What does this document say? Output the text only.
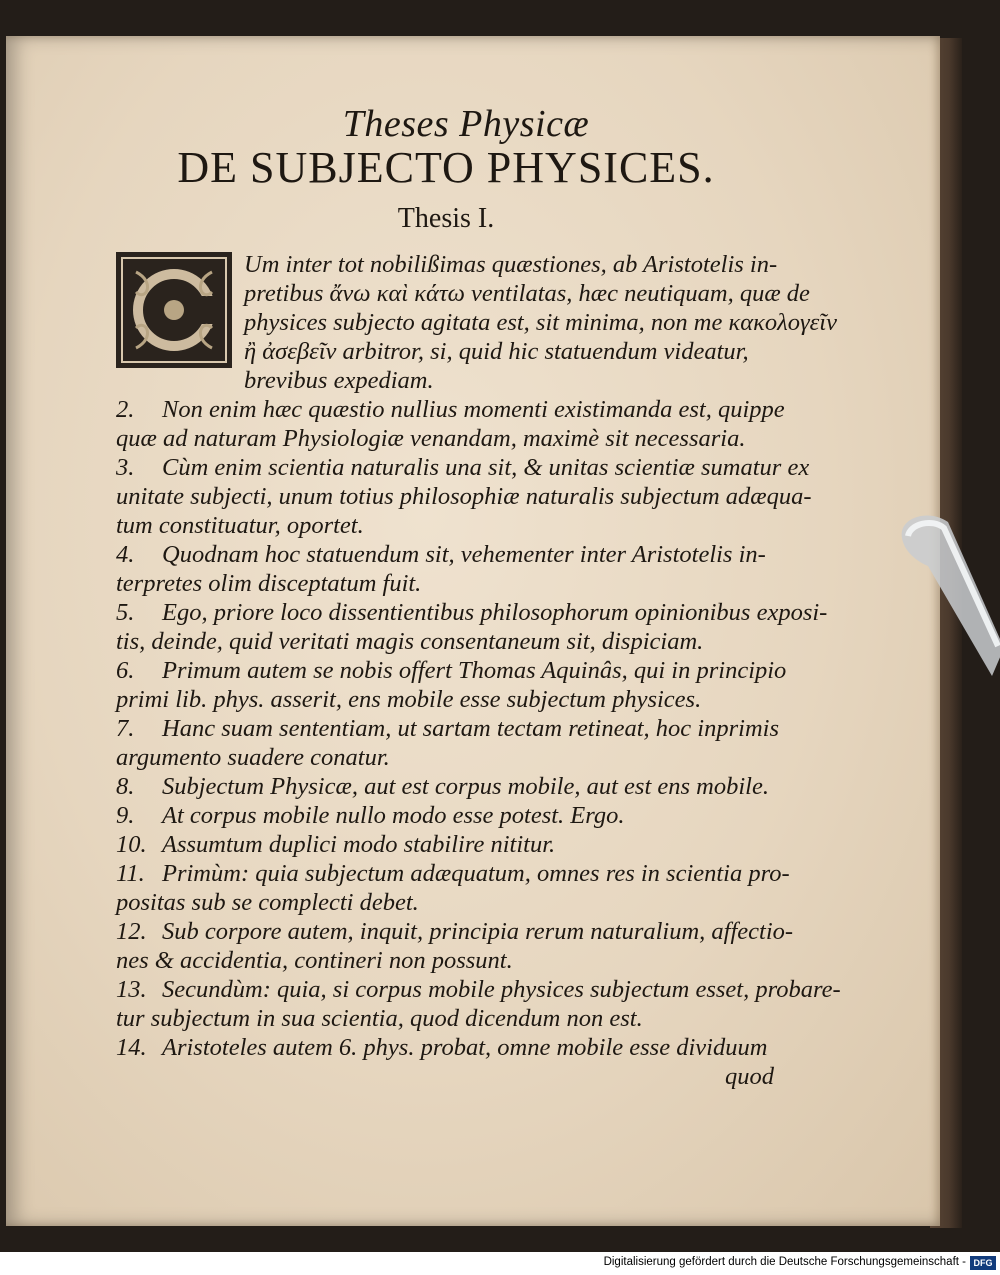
Theses Physicæ
DE SUBJECTO PHYSICES.
Thesis I.
Um inter tot nobilißimas quæstiones, ab Aristotelis in-
pretibus ἄνω καὶ κάτω ventilatas, hæc neutiquam, quæ de
physices subjecto agitata est, sit minima, non me κακολογεῖν
ἢ ἀσεβεῖν arbitror, si, quid hic statuendum videatur,
brevibus expediam.
2. Non enim hæc quæstio nullius momenti existimanda est, quippe
quæ ad naturam Physiologiæ venandam, maximè sit necessaria.
3. Cùm enim scientia naturalis una sit, & unitas scientiæ sumatur ex
unitate subjecti, unum totius philosophiæ naturalis subjectum adæqua-
tum constituatur, oportet.
4. Quodnam hoc statuendum sit, vehementer inter Aristotelis in-
terpretes olim disceptatum fuit.
5. Ego, priore loco dissentientibus philosophorum opinionibus exposi-
tis, deinde, quid veritati magis consentaneum sit, dispiciam.
6. Primum autem se nobis offert Thomas Aquinâs, qui in principio
primi lib. phys. asserit, ens mobile esse subjectum physices.
7. Hanc suam sententiam, ut sartam tectam retineat, hoc inprimis
argumento suadere conatur.
8. Subjectum Physicæ, aut est corpus mobile, aut est ens mobile.
9. At corpus mobile nullo modo esse potest. Ergo.
10. Assumtum duplici modo stabilire nititur.
11. Primùm: quia subjectum adæquatum, omnes res in scientia pro-
positas sub se complecti debet.
12. Sub corpore autem, inquit, principia rerum naturalium, affectio-
nes & accidentia, contineri non possunt.
13. Secundùm: quia, si corpus mobile physices subjectum esset, probare-
tur subjectum in sua scientia, quod dicendum non est.
14. Aristoteles autem 6. phys. probat, omne mobile esse dividuum
quod
Digitalisierung gefördert durch die Deutsche Forschungsgemeinschaft - DFG
